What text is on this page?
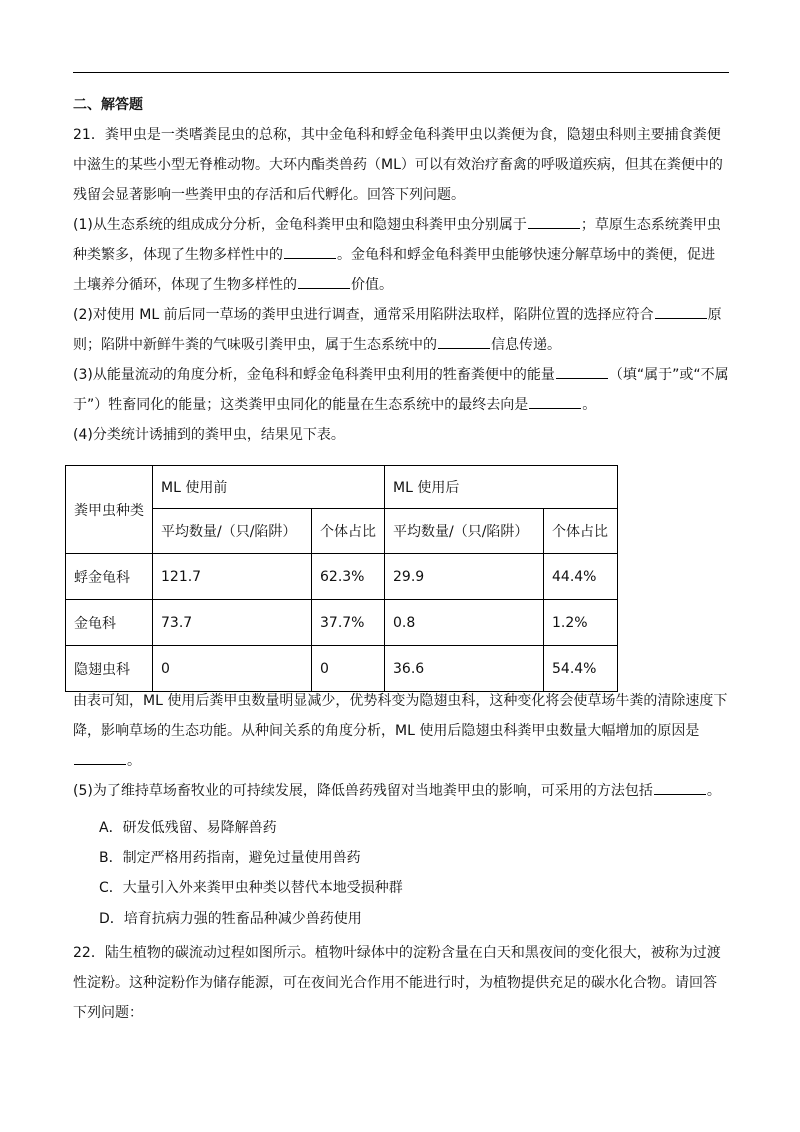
二、解答题
21．粪甲虫是一类嗜粪昆虫的总称，其中金龟科和蜉金龟科粪甲虫以粪便为食，隐翅虫科则主要捕食粪便
中滋生的某些小型无脊椎动物。大环内酯类兽药（ML）可以有效治疗畜禽的呼吸道疾病，但其在粪便中的
残留会显著影响一些粪甲虫的存活和后代孵化。回答下列问题。
(1)从生态系统的组成成分分析，金龟科粪甲虫和隐翅虫科粪甲虫分别属于	；草原生态系统粪甲虫
种类繁多，体现了生物多样性中的	。金龟科和蜉金龟科粪甲虫能够快速分解草场中的粪便，促进
土壤养分循环，体现了生物多样性的	价值。
(2)对使用 ML 前后同一草场的粪甲虫进行调查，通常采用陷阱法取样，陷阱位置的选择应符合	原
则；陷阱中新鲜牛粪的气味吸引粪甲虫，属于生态系统中的	信息传递。
(3)从能量流动的角度分析，金龟科和蜉金龟科粪甲虫利用的牲畜粪便中的能量	（填“属于”或“不属
于”）牲畜同化的能量；这类粪甲虫同化的能量在生态系统中的最终去向是	。
(4)分类统计诱捕到的粪甲虫，结果见下表。
粪甲虫种类	ML 使用前		ML 使用后	
	平均数量/（只/陷阱）	个体占比	平均数量/（只/陷阱）	个体占比
蜉金龟科	121.7	62.3%	29.9	44.4%
金龟科	73.7	37.7%	0.8	1.2%
隐翅虫科	0	0	36.6	54.4%
由表可知，ML 使用后粪甲虫数量明显减少，优势科变为隐翅虫科，这种变化将会使草场牛粪的清除速度下
降，影响草场的生态功能。从种间关系的角度分析，ML 使用后隐翅虫科粪甲虫数量大幅增加的原因是
。
(5)为了维持草场畜牧业的可持续发展，降低兽药残留对当地粪甲虫的影响，可采用的方法包括	。
A．研发低残留、易降解兽药
B．制定严格用药指南，避免过量使用兽药
C．大量引入外来粪甲虫种类以替代本地受损种群
D．培育抗病力强的牲畜品种减少兽药使用
22．陆生植物的碳流动过程如图所示。植物叶绿体中的淀粉含量在白天和黑夜间的变化很大，被称为过渡
性淀粉。这种淀粉作为储存能源，可在夜间光合作用不能进行时，为植物提供充足的碳水化合物。请回答
下列问题：
